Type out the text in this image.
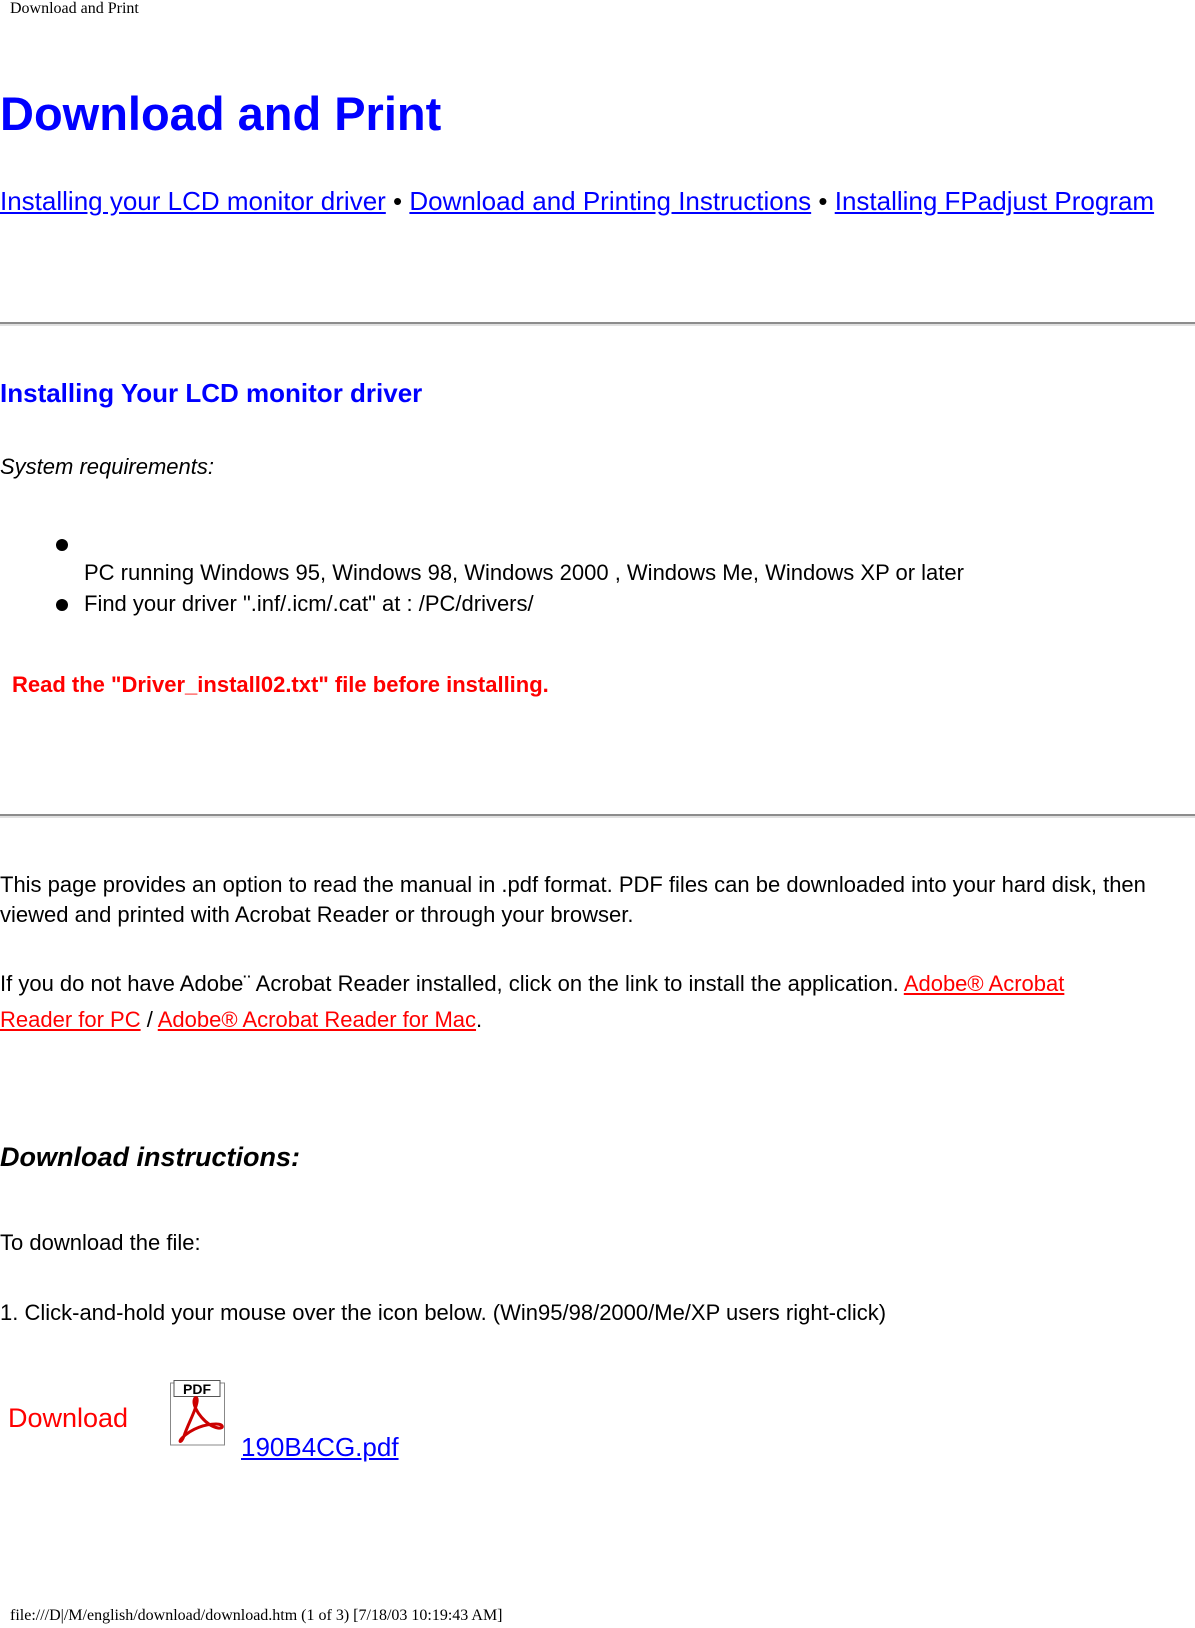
Download and Print
Download and Print
Installing your LCD monitor driver • Download and Printing Instructions • Installing FPadjust Program
Installing Your LCD monitor driver
System requirements:
PC running Windows 95, Windows 98, Windows 2000 , Windows Me, Windows XP or later
Find your driver ".inf/.icm/.cat" at : /PC/drivers/
Read the "Driver_install02.txt" file before installing.
This page provides an option to read the manual in .pdf format. PDF files can be downloaded into your hard disk, then viewed and printed with Acrobat Reader or through your browser.
If you do not have Adobe¨ Acrobat Reader installed, click on the link to install the application. Adobe® Acrobat Reader for PC / Adobe® Acrobat Reader for Mac.
Download instructions:
To download the file:
1. Click-and-hold your mouse over the icon below. (Win95/98/2000/Me/XP users right-click)
Download
PDF
190B4CG.pdf
file:///D|/M/english/download/download.htm (1 of 3) [7/18/03 10:19:43 AM]
